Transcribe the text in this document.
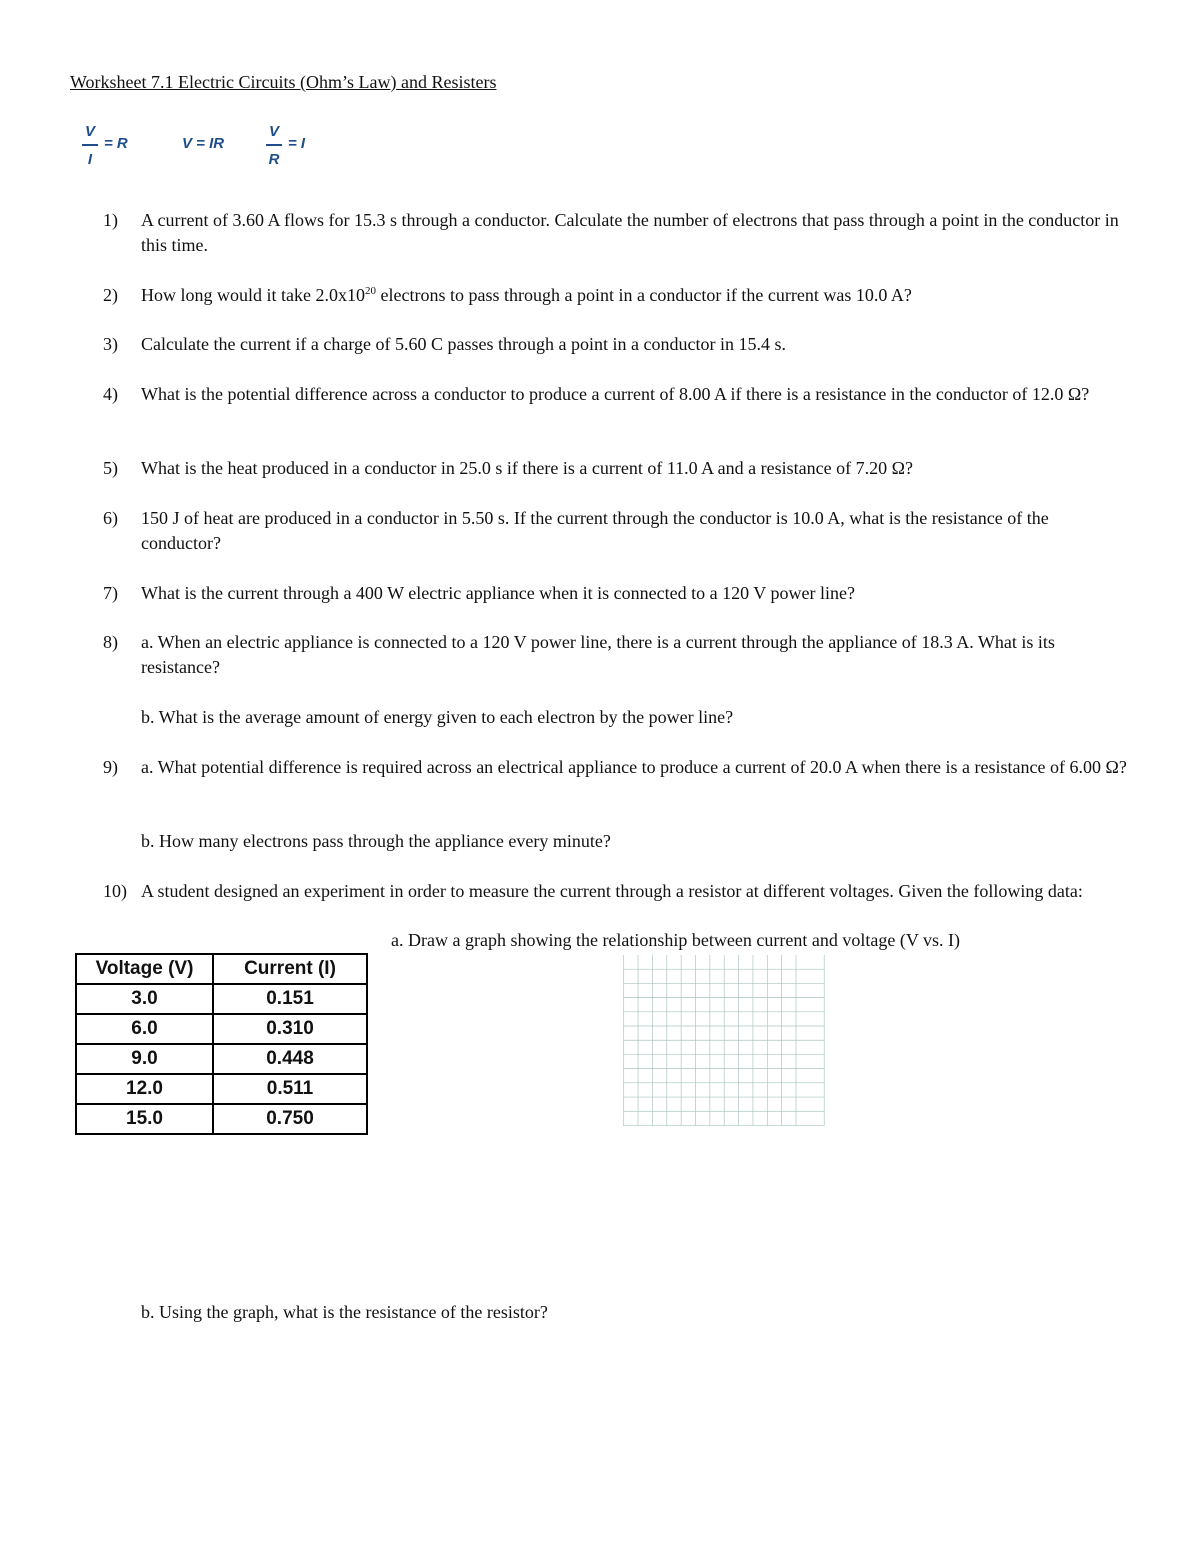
Worksheet 7.1 Electric Circuits (Ohm’s Law) and Resisters
V
I
= R	V = IR
V
R
= I
1) A current of 3.60 A flows for 15.3 s through a conductor. Calculate the number of electrons that pass through a point in the conductor in this time.
2) How long would it take $2.0x10^{20}$ electrons to pass through a point in a conductor if the current was 10.0 A?
3) Calculate the current if a charge of 5.60 C passes through a point in a conductor in 15.4 s.
4) What is the potential difference across a conductor to produce a current of 8.00 A if there is a resistance in the conductor of 12.0 Ω?
5) What is the heat produced in a conductor in 25.0 s if there is a current of 11.0 A and a resistance of 7.20 Ω?
6) 150 J of heat are produced in a conductor in 5.50 s. If the current through the conductor is 10.0 A, what is the resistance of the conductor?
7) What is the current through a 400 W electric appliance when it is connected to a 120 V power line?
8) a. When an electric appliance is connected to a 120 V power line, there is a current through the appliance of 18.3 A. What is its resistance?
b. What is the average amount of energy given to each electron by the power line?
9) a. What potential difference is required across an electrical appliance to produce a current of 20.0 A when there is a resistance of 6.00 Ω?
b. How many electrons pass through the appliance every minute?
10) A student designed an experiment in order to measure the current through a resistor at different voltages. Given the following data:
Voltage (V)	Current (I)
3.0	0.151
6.0	0.310
9.0	0.448
12.0	0.511
15.0	0.750
a. Draw a graph showing the relationship between current and voltage (V vs. I)
b. Using the graph, what is the resistance of the resistor?
